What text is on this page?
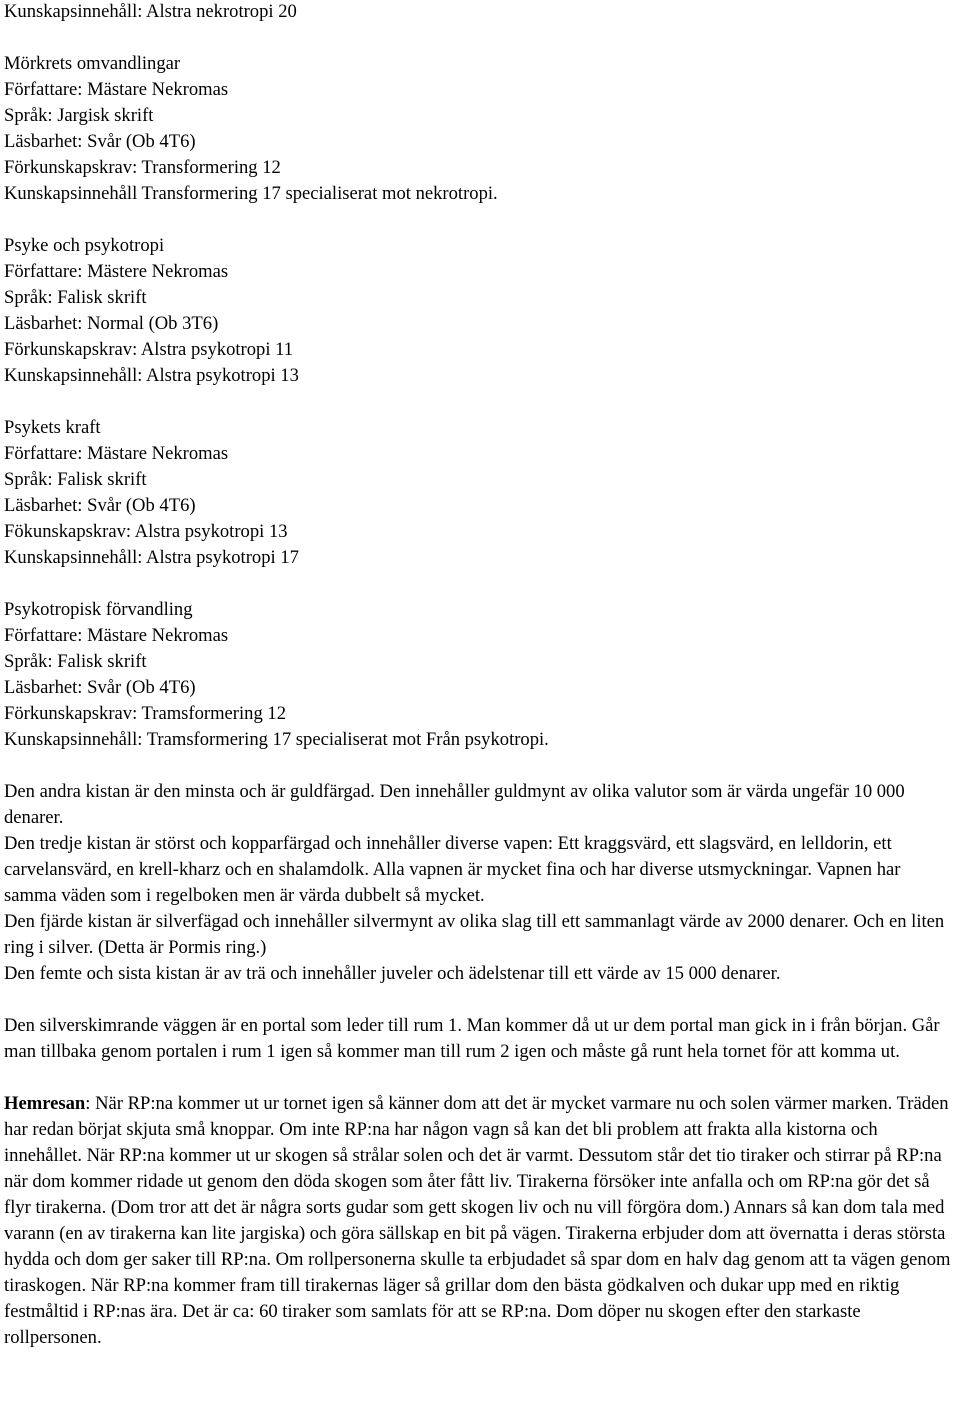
Kunskapsinnehåll: Alstra nekrotropi 20
Mörkrets omvandlingar
Författare: Mästare Nekromas
Språk: Jargisk skrift
Läsbarhet: Svår (Ob 4T6)
Förkunskapskrav: Transformering 12
Kunskapsinnehåll Transformering 17 specialiserat mot nekrotropi.
Psyke och psykotropi
Författare: Mästere Nekromas
Språk: Falisk skrift
Läsbarhet: Normal (Ob 3T6)
Förkunskapskrav: Alstra psykotropi 11
Kunskapsinnehåll: Alstra psykotropi 13
Psykets kraft
Författare: Mästare Nekromas
Språk: Falisk skrift
Läsbarhet: Svår (Ob 4T6)
Fökunskapskrav: Alstra psykotropi 13
Kunskapsinnehåll: Alstra psykotropi 17
Psykotropisk förvandling
Författare: Mästare Nekromas
Språk: Falisk skrift
Läsbarhet: Svår (Ob 4T6)
Förkunskapskrav: Tramsformering 12
Kunskapsinnehåll: Tramsformering 17 specialiserat mot Från psykotropi.

Den andra kistan är den minsta och är guldfärgad. Den innehåller guldmynt av olika valutor som är värda ungefär 10 000 denarer.

Den tredje kistan är störst och kopparfärgad och innehåller diverse vapen: Ett kraggsvärd, ett slagsvärd, en lelldorin, ett carvelansvärd, en krell-kharz och en shalamdolk. Alla vapnen är mycket fina och har diverse utsmyckningar. Vapnen har samma väden som i regelboken men är värda dubbelt så mycket.

Den fjärde kistan är silverfägad och innehåller silvermynt av olika slag till ett sammanlagt värde av 2000 denarer. Och en liten ring i silver. (Detta är Pormis ring.)

Den femte och sista kistan är av trä och innehåller juveler och ädelstenar till ett värde av 15 000 denarer.

Den silverskimrande väggen är en portal som leder till rum 1. Man kommer då ut ur dem portal man gick in i från början. Går man tillbaka genom portalen i rum 1 igen så kommer man till rum 2 igen och måste gå runt hela tornet för att komma ut.

Hemresan: När RP:na kommer ut ur tornet igen så känner dom att det är mycket varmare nu och solen värmer marken. Träden har redan börjat skjuta små knoppar. Om inte RP:na har någon vagn så kan det bli problem att frakta alla kistorna och innehållet. När RP:na kommer ut ur skogen så strålar solen och det är varmt. Dessutom står det tio tiraker och stirrar på RP:na när dom kommer ridade ut genom den döda skogen som åter fått liv. Tirakerna försöker inte anfalla och om RP:na gör det så flyr tirakerna. (Dom tror att det är några sorts gudar som gett skogen liv och nu vill förgöra dom.) Annars så kan dom tala med varann (en av tirakerna kan lite jargiska) och göra sällskap en bit på vägen. Tirakerna erbjuder dom att övernatta i deras största hydda och dom ger saker till RP:na. Om rollpersonerna skulle ta erbjudadet så spar dom en halv dag genom att ta vägen genom tiraskogen. När RP:na kommer fram till tirakernas läger så grillar dom den bästa gödkalven och dukar upp med en riktig festmåltid i RP:nas ära. Det är ca: 60 tiraker som samlats för att se RP:na. Dom döper nu skogen efter den starkaste rollpersonen.
